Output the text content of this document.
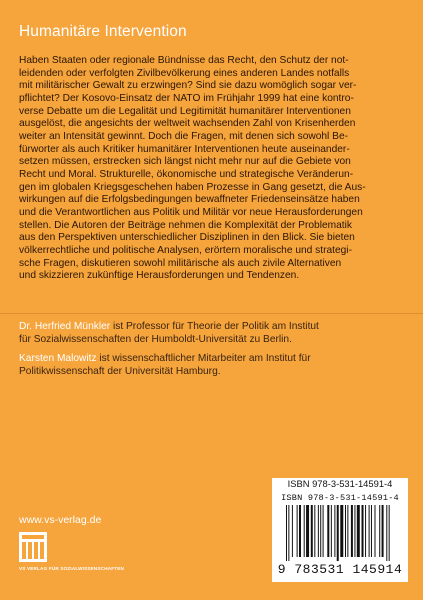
Humanitäre Intervention
Haben Staaten oder regionale Bündnisse das Recht, den Schutz der not-
leidenden oder verfolgten Zivilbevölkerung eines anderen Landes notfalls
mit militärischer Gewalt zu erzwingen? Sind sie dazu womöglich sogar ver-
pflichtet? Der Kosovo-Einsatz der NATO im Frühjahr 1999 hat eine kontro-
verse Debatte um die Legalität und Legitimität humanitärer Interventionen
ausgelöst, die angesichts der weltweit wachsenden Zahl von Krisenherden
weiter an Intensität gewinnt. Doch die Fragen, mit denen sich sowohl Be-
fürworter als auch Kritiker humanitärer Interventionen heute auseinander-
setzen müssen, erstrecken sich längst nicht mehr nur auf die Gebiete von
Recht und Moral. Strukturelle, ökonomische und strategische Veränderun-
gen im globalen Kriegsgeschehen haben Prozesse in Gang gesetzt, die Aus-
wirkungen auf die Erfolgsbedingungen bewaffneter Friedenseinsätze haben
und die Verantwortlichen aus Politik und Militär vor neue Herausforderungen
stellen. Die Autoren der Beiträge nehmen die Komplexität der Problematik
aus den Perspektiven unterschiedlicher Disziplinen in den Blick. Sie bieten
völkerrechtliche und politische Analysen, erörtern moralische und strategi-
sche Fragen, diskutieren sowohl militärische als auch zivile Alternativen
und skizzieren zukünftige Herausforderungen und Tendenzen.
Dr. Herfried Münkler ist Professor für Theorie der Politik am Institut
für Sozialwissenschaften der Humboldt-Universität zu Berlin.
Karsten Malowitz ist wissenschaftlicher Mitarbeiter am Institut für
Politikwissenschaft der Universität Hamburg.
www.vs-verlag.de
VS VERLAG FÜR SOZIALWISSENSCHAFTEN
ISBN 978-3-531-14591-4
ISBN 978-3-531-14591-4
9 783531 145914
